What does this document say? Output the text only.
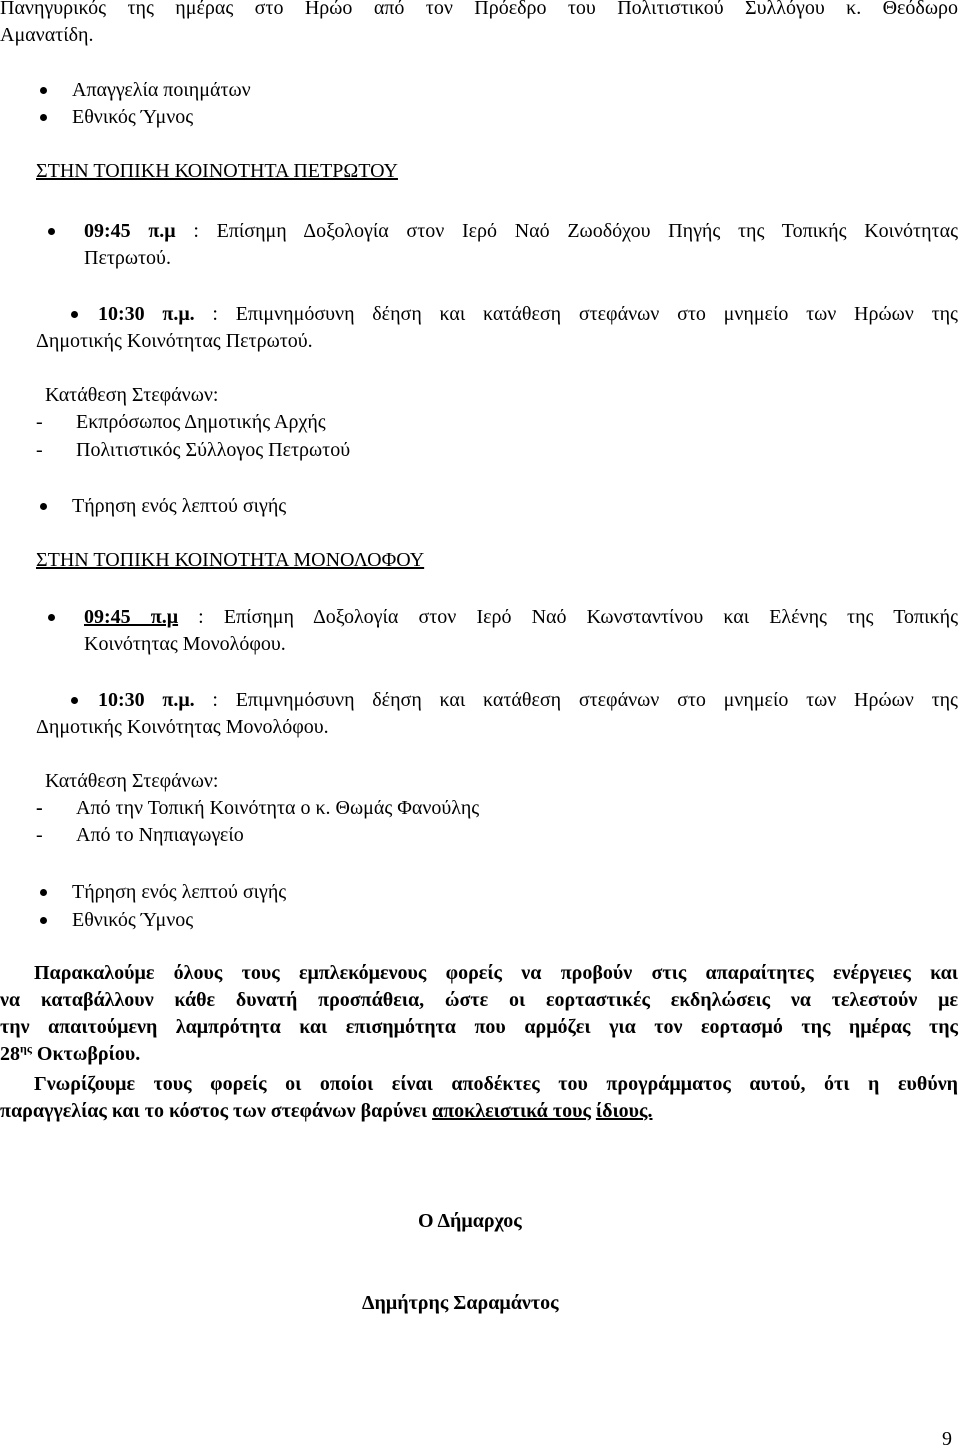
Πανηγυρικός της ημέρας στο Ηρώο από τον Πρόεδρο του Πολιτιστικού Συλλόγου κ. Θεόδωρο
Αμανατίδη.
Απαγγελία ποιημάτων
Εθνικός Ύμνος
ΣΤΗΝ ΤΟΠΙΚΗ ΚΟΙΝΟΤΗΤΑ ΠΕΤΡΩΤΟΥ
09:45 π.μ : Επίσημη Δοξολογία στον Ιερό Ναό Ζωοδόχου Πηγής της Τοπικής Κοινότητας
Πετρωτού.
10:30 π.μ. : Επιμνημόσυνη δέηση και κατάθεση στεφάνων στο μνημείο των Ηρώων της
Δημοτικής Κοινότητας Πετρωτού.
Κατάθεση Στεφάνων:
- Εκπρόσωπος Δημοτικής Αρχής
- Πολιτιστικός Σύλλογος Πετρωτού
Τήρηση ενός λεπτού σιγής
ΣΤΗΝ ΤΟΠΙΚΗ ΚΟΙΝΟΤΗΤΑ ΜΟΝΟΛΟΦΟΥ
09:45 π.μ : Επίσημη Δοξολογία στον Ιερό Ναό Κωνσταντίνου και Ελένης της Τοπικής
Κοινότητας Μονολόφου.
10:30 π.μ. : Επιμνημόσυνη δέηση και κατάθεση στεφάνων στο μνημείο των Ηρώων της
Δημοτικής Κοινότητας Μονολόφου.
Κατάθεση Στεφάνων:
- Από την Τοπική Κοινότητα ο κ. Θωμάς Φανούλης
- Από το Νηπιαγωγείο
Τήρηση ενός λεπτού σιγής
Εθνικός Ύμνος
Παρακαλούμε όλους τους εμπλεκόμενους φορείς να προβούν στις απαραίτητες ενέργειες και
να καταβάλλουν κάθε δυνατή προσπάθεια, ώστε οι εορταστικές εκδηλώσεις να τελεστούν με
την απαιτούμενη λαμπρότητα και επισημότητα που αρμόζει για τον εορτασμό της ημέρας της
$28^{\eta\varsigma}$ Οκτωβρίου.
Γνωρίζουμε τους φορείς οι οποίοι είναι αποδέκτες του προγράμματος αυτού, ότι η ευθύνη
παραγγελίας και το κόστος των στεφάνων βαρύνει αποκλειστικά τους ίδιους.
Ο Δήμαρχος
Δημήτρης Σαραμάντος
9
